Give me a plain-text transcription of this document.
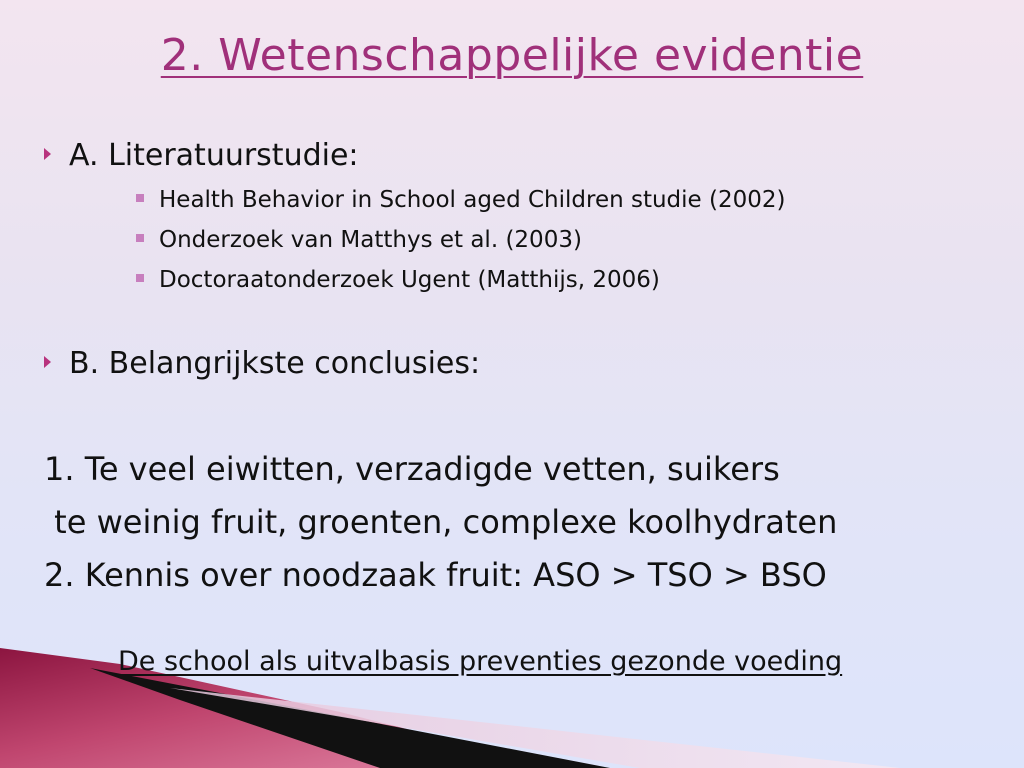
2. Wetenschappelijke evidentie
A. Literatuurstudie:
Health Behavior in School aged Children studie (2002)
Onderzoek van Matthys et al. (2003)
Doctoraatonderzoek Ugent (Matthijs, 2006)
B. Belangrijkste conclusies:
1. Te veel eiwitten, verzadigde vetten, suikers
te weinig fruit, groenten, complexe koolhydraten
2. Kennis over noodzaak fruit: ASO > TSO > BSO
De school als uitvalbasis preventies gezonde voeding
